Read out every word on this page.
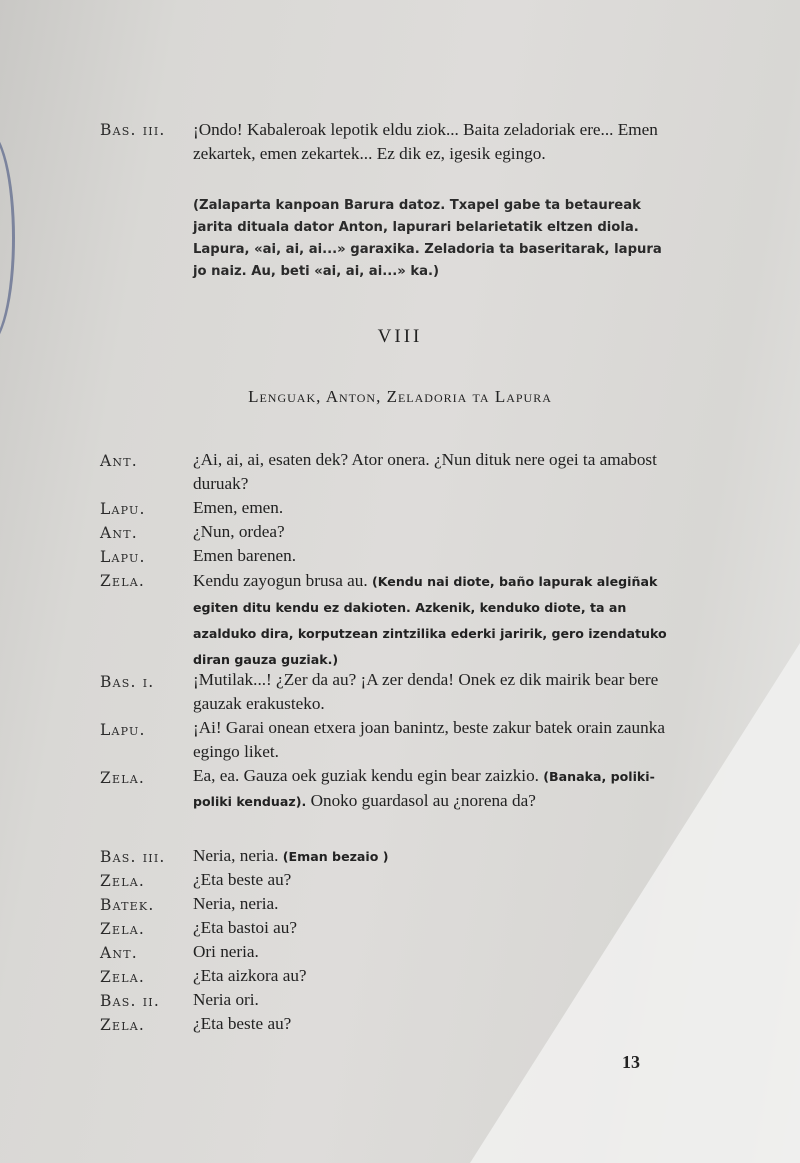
Bas. iii. ¡Ondo! Kabaleroak lepotik eldu ziok... Baita zeladoriak ere... Emen zekartek, emen zekartek... Ez dik ez, igesik egingo.
(Zalaparta kanpoan Barura datoz. Txapel gabe ta betaureak jarita dituala dator Anton, lapurari belarietatik eltzen diola. Lapura, «ai, ai, ai...» garaxika. Zeladoria ta baseritarak, lapura jo naiz. Au, beti «ai, ai, ai...» ka.)
VIII
Lenguak, Anton, Zeladoria ta Lapura
Ant.	¿Ai, ai, ai, esaten dek? Ator onera. ¿Nun dituk nere ogei ta amabost duruak?
Lapu.	Emen, emen.
Ant.	¿Nun, ordea?
Lapu.	Emen barenen.
Zela.	Kendu zayogun brusa au. (Kendu nai diote, baño lapurak alegiñak egiten ditu kendu ez dakioten. Azkenik, kenduko diote, ta an azalduko dira, korputzean zintzilika ederki jaririk, gero izendatuko diran gauza guziak.)
Bas. i. ¡Mutilak...! ¿Zer da au? ¡A zer denda! Onek ez dik mairik bear bere gauzak erakusteko.
Lapu.	¡Ai! Garai onean etxera joan banintz, beste zakur batek orain zaunka egingo liket.
Zela.	Ea, ea. Gauza oek guziak kendu egin bear zaizkio. (Banaka, poliki-poliki kenduaz). Onoko guardasol au ¿norena da?
Bas. iii. Neria, neria. (Eman bezaio )
Zela.	¿Eta beste au?
Batek. Neria, neria.
Zela.	¿Eta bastoi au?
Ant.	Ori neria.
Zela.	¿Eta aizkora au?
Bas. ii. Neria ori.
Zela.	¿Eta beste au?
13
